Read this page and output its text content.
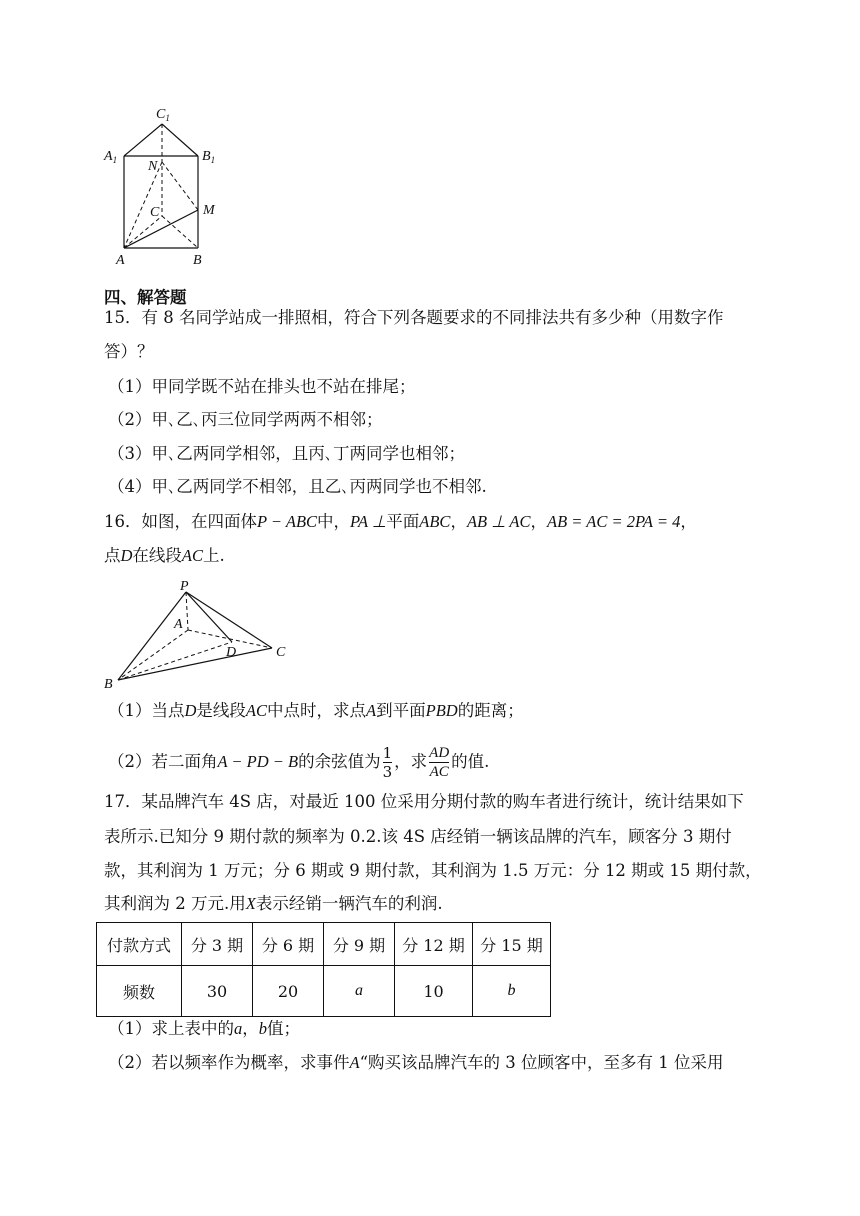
$C_1$
$A_1$	$B_1$
N
C	M
A	B
四、解答题
15．有 8 名同学站成一排照相，符合下列各题要求的不同排法共有多少种（用数字作
答）？
（1）甲同学既不站在排头也不站在排尾；
（2）甲､乙､丙三位同学两两不相邻；
（3）甲､乙两同学相邻，且丙､丁两同学也相邻；
（4）甲､乙两同学不相邻，且乙､丙两同学也不相邻.
16．如图，在四面体P − ABC中，PA ⊥平面ABC，AB ⊥ AC，AB = AC = 2PA = 4，
点D在线段AC上.
P
A
D	C
B
（1）当点D是线段AC中点时，求点A到平面PBD的距离；
（2）若二面角A − PD − B的余弦值为 $\frac{1}{3}$ ，求 $\frac{AD}{AC}$ 的值.
17．某品牌汽车 4S 店，对最近 100 位采用分期付款的购车者进行统计，统计结果如下
表所示.已知分 9 期付款的频率为 0.2.该 4S 店经销一辆该品牌的汽车，顾客分 3 期付
款，其利润为 1 万元；分 6 期或 9 期付款，其利润为 1.5 万元：分 12 期或 15 期付款，
其利润为 2 万元.用X表示经销一辆汽车的利润.
付款方式	分 3 期	分 6 期	分 9 期	分 12 期	分 15 期
频数	30	20	a	10	b
（1）求上表中的a，b值；
（2）若以频率作为概率，求事件A“购买该品牌汽车的 3 位顾客中，至多有 1 位采用
